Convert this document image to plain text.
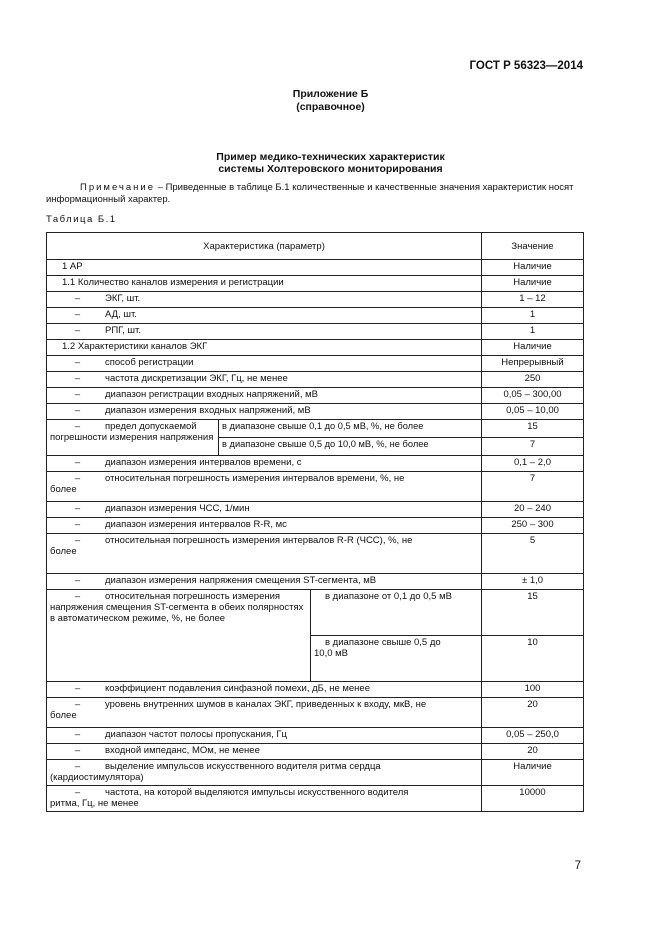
ГОСТ Р 56323—2014
Приложение Б
(справочное)
Пример медико-технических характеристик
системы Холтеровского мониторирования
Примечание – Приведенные в таблице Б.1 количественные и качественные значения характеристик носят информационный характер.
Таблица Б.1
Характеристика (параметр)			Значение
1 АР			Наличие
1.1 Количество каналов измерения и регистрации			Наличие
– ЭКГ, шт.			1 – 12
– АД, шт.			1
– РПГ, шт.			1
1.2 Характеристики каналов ЭКГ			Наличие
– способ регистрации			Непрерывный
– частота дискретизации ЭКГ, Гц, не менее			250
– диапазон регистрации входных напряжений, мВ			0,05 – 300,00
– диапазон измерения входных напряжений, мВ			0,05 – 10,00

– предел допускаемой
погрешности измерения напряжения	в диапазоне свыше 0,1 до 0,5 мВ, %, не более		15
	в диапазоне свыше 0,5 до 10,0 мВ, %, не более		7
– диапазон измерения интервалов времени, с			0,1 – 2,0
– относительная погрешность измерения интервалов времени, %, не
более			7
– диапазон измерения ЧСС, 1/мин			20 – 240
– диапазон измерения интервалов R-R, мс			250 – 300
– относительная погрешность измерения интервалов R-R (ЧСС), %, не
более			5
– диапазон измерения напряжения смещения ST-сегмента, мВ			± 1,0
– относительная погрешность измерения
напряжения смещения ST-сегмента в обеих полярностях в автоматическом режиме, %, не более		в диапазоне от 0,1 до 0,5 мВ	15
		в диапазоне свыше 0,5 до
10,0 мВ	10
– коэффициент подавления синфазной помехи, дБ, не менее			100
– уровень внутренних шумов в каналах ЭКГ, приведенных к входу, мкВ, не
более			20
– диапазон частот полосы пропускания, Гц			0,05 – 250,0
– входной импеданс, МОм, не менее			20
– выделение импульсов искусственного водителя ритма сердца
(кардиостимулятора)			Наличие
– частота, на которой выделяются импульсы искусственного водителя
ритма, Гц, не менее			10000
7
